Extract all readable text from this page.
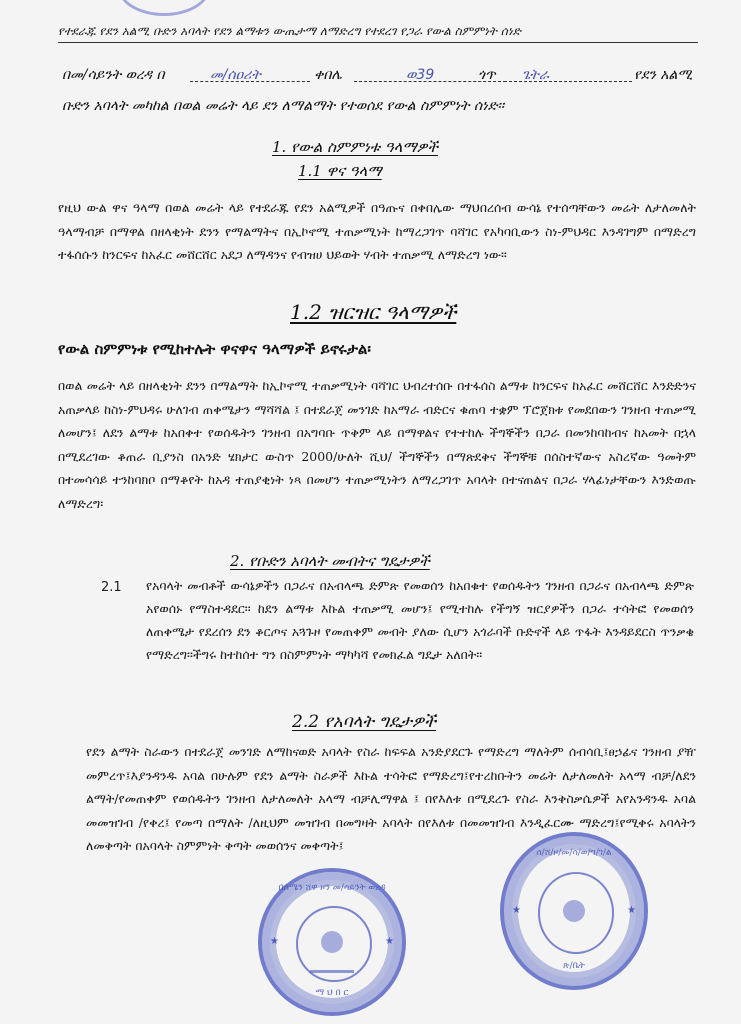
የተደራጁ የደን አልሚ ቡድን አባላት የደን ልማቱን ውጤታማ ለማድረግ የተደረገ የጋራ የውል ስምምነት ሰነድ
በመ/ሳይንት ወረዳ በ	መ/ሰዐሪት	ቀበሌ	ወ39	ጎጥ	ጌትራ	የደን አልሚ
ቡድን አባላት መካከል በወል መሬት ላይ ደን ለማልማት የተወሰደ የውል ስምምነት ሰነድ፡፡
1. የውል ስምምነቱ ዓላማዎች
1.1 ዋና ዓላማ
የዚህ ውል ዋና ዓላማ በወል መሬት ላይ የተደራጁ የደን አልሚዎች በዓጡና በቀበሌው ማህበረሰብ ውሳኔ የተሰጣቸውን መሬት ለታለመለት ዓላማብቻ በማዋል በዘላቂነት ደንን የማልማትና በኢኮኖሚ ተጠቃሚነት ከማረጋገጥ ባሻገር የአካባቢውን ስነ-ምህዳር እንዳገግም በማድረግ ተፋሰሱን ከንርፍና ከአፈር መሸርሸር አደጋ ለማዳንና የብዝሀ ህይወት ሃብት ተጠቃሚ ለማድረግ ነው፡፡
1.2 ዝርዝር ዓላማዎች
የውል ስምምነቱ የሚከተሉት ዋናዋና ዓላማዎች ይኖሩታል፡
በወል መሬት ላይ በዘላቂነት ደንን በማልማት ከኢኮኖሚ ተጠቃሚነት ባሻገር ህብረተሰቡ በተፋሰስ ልማቱ ከንርፍና ከአፈር መሸርሸር እንድድንና አጠቃላይ ከስነ-ምህዳሩ ሁለገብ ጠቀሜታን ማሻሻል ፤ በተደራጀ መንገድ ከአማራ ብድርና ቁጠባ ተቋም ፕሮጀክቱ የመደበውን ገንዘብ ተጠቃሚ ለመሆን፤ ለደን ልማቱ ከአበቀተ የወሰዱትን ገንዘብ በአግባቡ ጥቅም ላይ በማዋልና የተተከሉ ችግኞችን በጋራ በመንከባከብና ከአመት በኋላ በሚደረገው ቆጠራ ቢያንስ በአንድ ሄክታር ውስጥ 2000/ሁለት ሺህ/ ችግኞችን በማጽደቅና ችግኞቹ በሰስተኛውና አስረኛው ዓመትም በተመሳሳይ ተንከባክቦ በማቆየት ከአዳ ተጠያቂነት ነጻ በመሆን ተጠቃሚነትን ለማረጋገጥ አባላት በተናጠልና በጋራ ሃላፊነታቸውን እንድወጡ ለማድረግ፡
2. የቡድን አባላት መብትና ግዴታዎች
2.1 የአባላት መብቶች ውሳኔዎችን በጋራና በአብላጫ ድምጽ የመወሰን ከአበቁተ የወሰዱትን ገንዘብ በጋራና በአብላጫ ድምጽ አየወሰኑ የማስተዳደር፡፡ ከደን ልማቱ እኩል ተጠቃሚ መሆን፤ የሚተከሉ የችግኝ ዝርያዎችን በጋራ ተሳትፎ የመወሰን ለጠቀሜታ የደረሰን ደን ቆርጦና አጓጉዞ የመጠቀም መብት ያለው ሲሆን አጎራባች ቡድኖች ላይ ጥፋት እንዳይደርስ ጥንቃቄ የማድረግ፡፡ችግሩ ከተከሰተ ግን በስምምነት ማካካሻ የመክፈል ግዴታ አለበት፡፡
2.2 የአባላት ግዴታዎች
የደን ልማት ስራውን በተደራጀ መንገድ ለማከናወድ አባላት የስራ ከፍፍል አንድያደርጉ የማድረግ ማለትም ሰብሳቢ፤ፀኃፊና ገንዘብ ያዥ መምረጥ፤እያንዳንዱ አባል በሁሉም የደን ልማት ስራዎች እኩል ተሳትፎ የማድረግ፤የተረከቡትን መሬት ለታለመለት አላማ ብቻ/ለደን ልማት/የመጠቀም የወሰዱትን ገንዘብ ለታለመለት አላማ ብቻሊማዋል ፤ በየእለቱ በሚደረጉ የስራ እንቅስቃሴዎች አየአንዳንዱ አባል መመዝገብ /የቀረ፤ የመጣ በማለት /ለዚህም መዝገብ በመግዛት አባላት በየእለቱ በመመዝገብ እንዲፈርሙ ማድረግ፤የሚቀሩ አባላትን ለመቅጣት በአባላት ስምምነት ቅጣት መወሰንና መቀጣት፤
በሰሜን ሸዋ ዞን መ/ሳይንት ወረዳ
★	★
ማ ህ በ ር
ሰ/ሸ/ዞ/መ/ሳ/ወ/ግ/ገ/ል
★	★
ጽ/ቤት
